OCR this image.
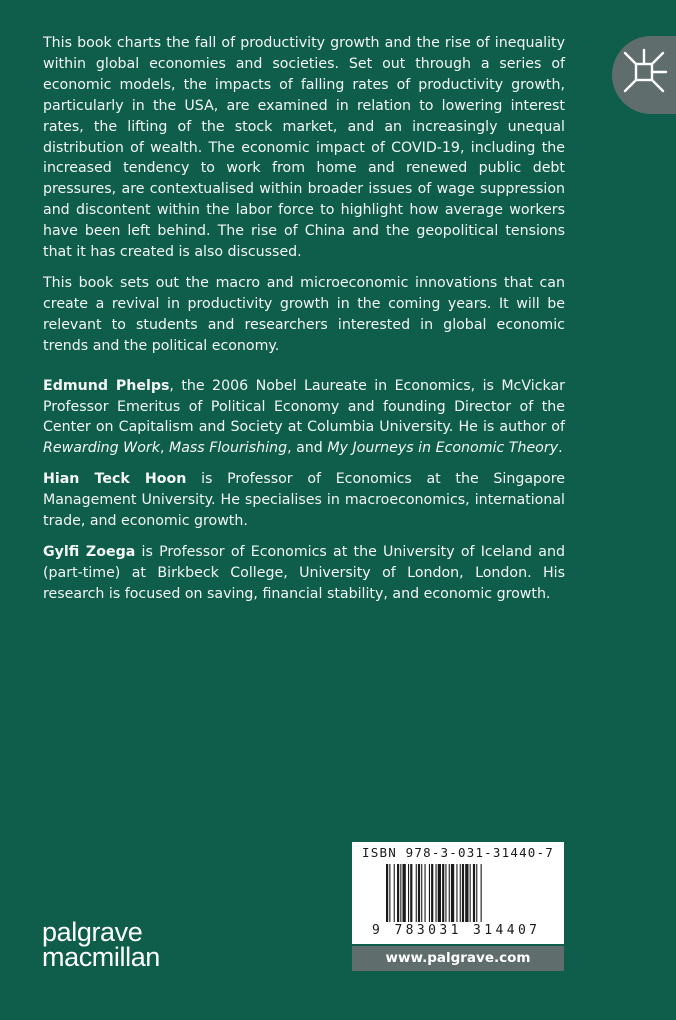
This book charts the fall of productivity growth and the rise of inequality within global economies and societies. Set out through a series of economic models, the impacts of falling rates of productivity growth, particularly in the USA, are examined in relation to lowering interest rates, the lifting of the stock market, and an increasingly unequal distribution of wealth. The economic impact of COVID-19, including the increased tendency to work from home and renewed public debt pressures, are contextualised within broader issues of wage suppression and discontent within the labor force to highlight how average workers have been left behind. The rise of China and the geopolitical tensions that it has created is also discussed.

This book sets out the macro and microeconomic innovations that can create a revival in productivity growth in the coming years. It will be relevant to students and researchers interested in global economic trends and the political economy.

Edmund Phelps, the 2006 Nobel Laureate in Economics, is McVickar Professor Emeritus of Political Economy and founding Director of the Center on Capitalism and Society at Columbia University. He is author of Rewarding Work, Mass Flourishing, and My Journeys in Economic Theory.

Hian Teck Hoon is Professor of Economics at the Singapore Management University. He specialises in macroeconomics, international trade, and economic growth.

Gylfi Zoega is Professor of Economics at the University of Iceland and (part-time) at Birkbeck College, University of London, London. His research is focused on saving, financial stability, and economic growth.

ISBN 978-3-031-31440-7
9 783031 314407
www.palgrave.com
palgrave
macmillan
